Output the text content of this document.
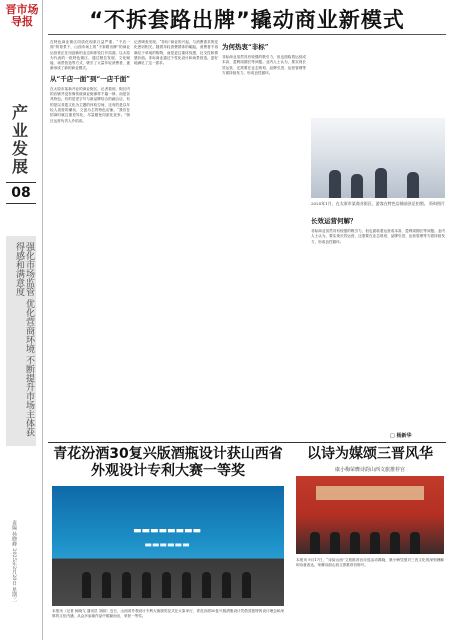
晋市场导报
产业发展
08
强化市场监管 优化营商环境 不断提升市场主体获得感和满意度
责编 孙晓峰 2025年2月20日 星期二
“不拆套路出牌”撬动商业新模式

在特色商业街区同质化现象日益严重、“千店一面”的背景下，山西市场上的“不套路出牌”的商业运营者正在用创新的业态和体验打开局面。以太原为代表的一批特色街区，通过错位发展、文化赋能、场景营造等方式，吸引了大量年轻消费者，逐渐形成了新的商业模式。

从“千店一面”到“一店千面”

在太原市某新开业的商业街区，记者看到，街区内的店铺并没有像传统商业街那样千篇一律，而是各具特色。有的是老字号与新品牌结合的融合店，有的是以非遗文化为主题的体验空间，还有的是以年轻人喜爱的潮玩、文创为主的特色店铺。“我们在招商时就注重差异化，尽量避免同质化竞争。”街区运营负责人介绍说。

记者调查发现，“非标”商业的兴起，与消费需求的变化密切相关。随着年轻消费群体的崛起，消费者不再满足于单纯的购物，而是更注重体验感、社交性和情感价值。非标商业通过个性化设计和场景营造，更好地满足了这一需求。

为何热衷“非标”

非标商业虽然具有较强的吸引力，但也面临着运营成本高、盈利周期长等问题。业内人士认为，要实现长效运营，还需要在业态规划、品牌引进、运营管理等方面持续发力，形成良性循环。

2025年1月，在太原市某商业街区，游客在特色店铺前驻足拍照。 资料图片
长效运营何解？

非标商业虽然具有较强的吸引力，但也面临着运营成本高、盈利周期长等问题。业内人士认为，要实现长效运营，还需要在业态规划、品牌引进、运营管理等方面持续发力，形成良性循环。

□ 杨新华
青花汾酒30复兴版酒瓶设计获山西省外观设计专利大赛一等奖
▬▬▬▬▬▬▬▬
▬▬▬▬▬▬
本报讯（记者 杨晓飞 通讯员 刘丽）近日，山西省外观设计专利大赛颁奖仪式在太原举行，青花汾酒30复兴版酒瓶设计凭借其独特的设计理念和深厚的文化内涵，从众多参赛作品中脱颖而出，荣获一等奖。
以诗为媒颂三晋风华
康小梅荣膺诗韵山西文旅推荐官
本报讯 9月17日，“诗韵山西”文旅推荐官评选活动揭晓，康小梅凭借对三晋文化的深刻理解和诗意表达，荣膺诗韵山西文旅推荐官称号。
